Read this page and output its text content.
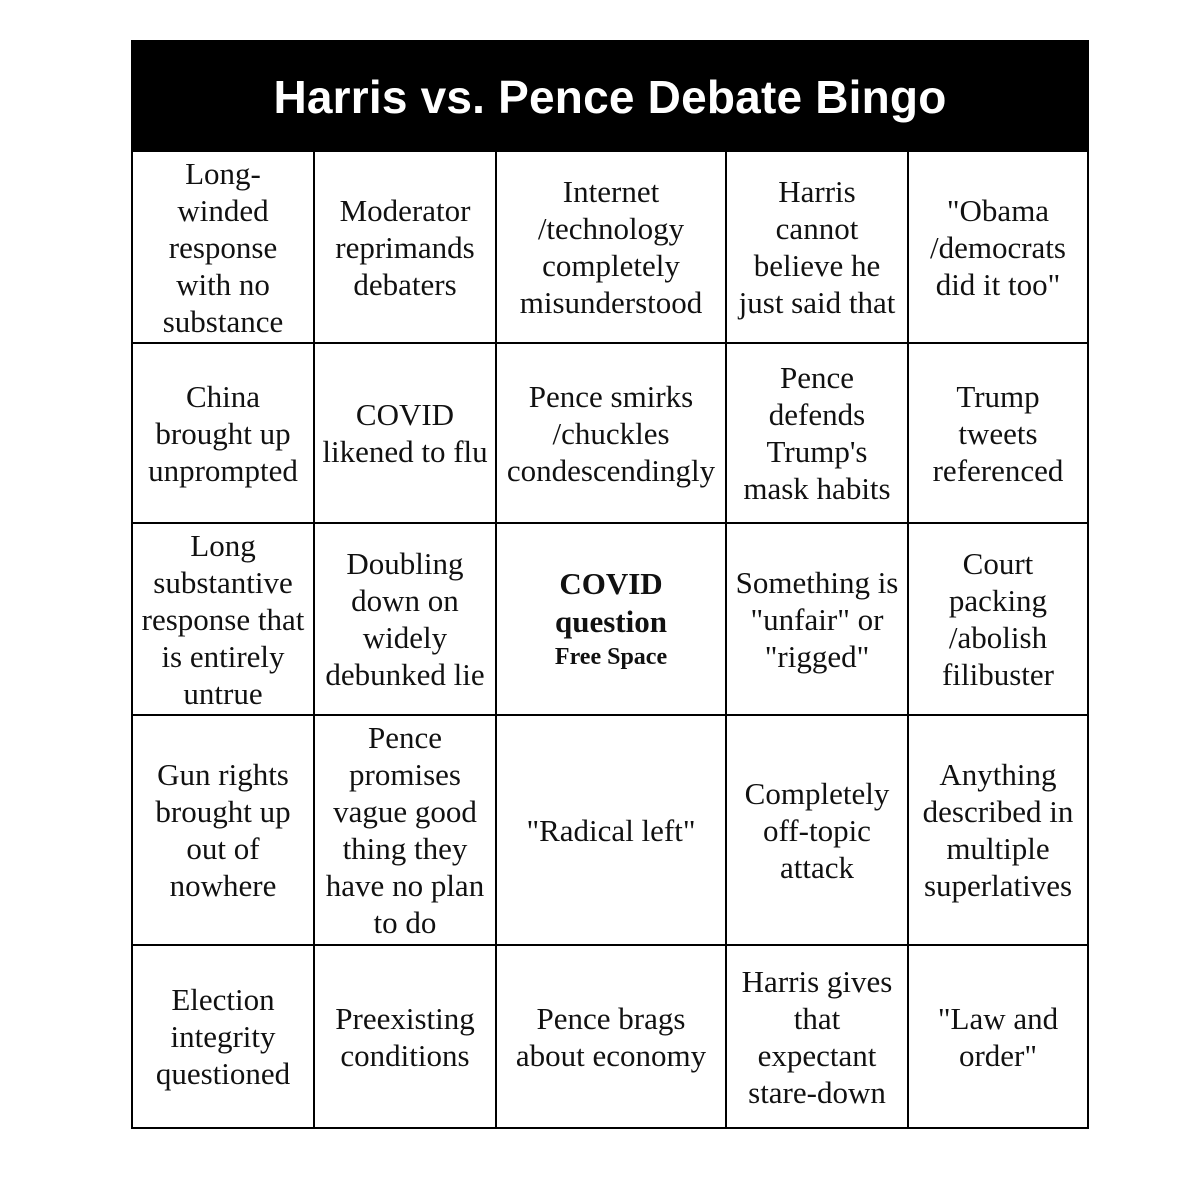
Harris vs. Pence Debate Bingo
Long-
winded
response
with no
substance
Moderator
reprimands
debaters
Internet
/technology
completely
misunderstood
Harris
cannot
believe he
just said that
"Obama
/democrats
did it too"
China
brought up
unprompted
COVID
likened to flu
Pence smirks
/chuckles
condescendingly
Pence
defends
Trump's
mask habits
Trump
tweets
referenced
Long
substantive
response that
is entirely
untrue
Doubling
down on
widely
debunked lie
COVID
question
Free Space
Something is
"unfair" or
"rigged"
Court
packing
/abolish
filibuster
Gun rights
brought up
out of
nowhere
Pence
promises
vague good
thing they
have no plan
to do
"Radical left"
Completely
off-topic
attack
Anything
described in
multiple
superlatives
Election
integrity
questioned
Preexisting
conditions
Pence brags
about economy
Harris gives
that
expectant
stare-down
"Law and
order"
